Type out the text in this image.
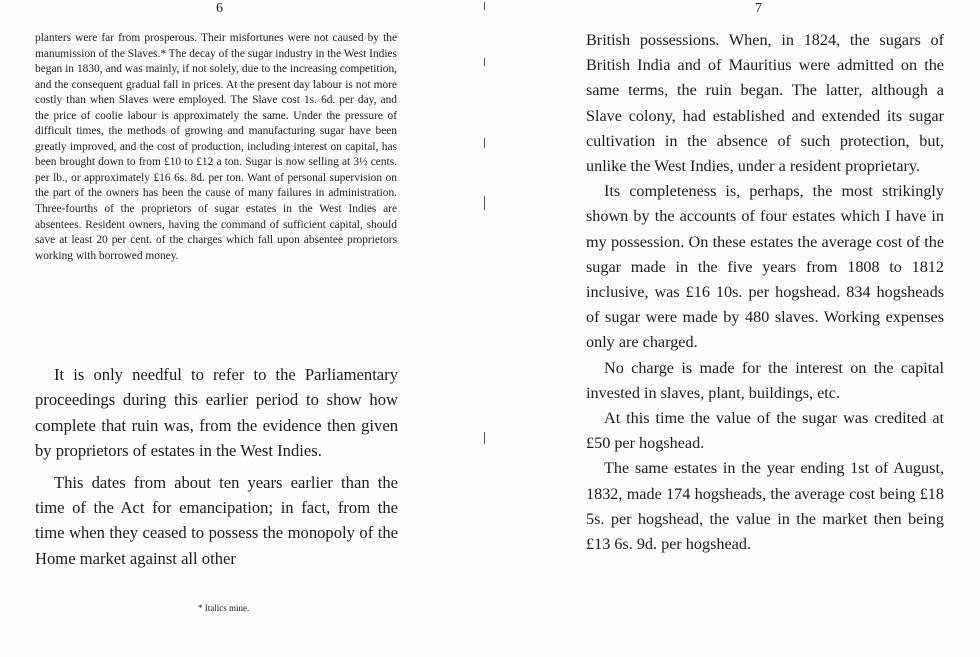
6

planters were far from prosperous. Their misfortunes were not caused by the manumission of the Slaves.* The decay of the sugar industry in the West Indies began in 1830, and was mainly, if not solely, due to the increasing competition, and the consequent gradual fall in prices. At the present day labour is not more costly than when Slaves were employed. The Slave cost 1s. 6d. per day, and the price of coolie labour is approximately the same. Under the pressure of difficult times, the methods of growing and manufacturing sugar have been greatly improved, and the cost of production, including interest on capital, has been brought down to from £10 to £12 a ton. Sugar is now selling at 3½ cents. per lb., or approximately £16 6s. 8d. per ton. Want of personal supervision on the part of the owners has been the cause of many failures in administration. Three-fourths of the proprietors of sugar estates in the West Indies are absentees. Resident owners, having the command of sufficient capital, should save at least 20 per cent. of the charges which fall upon absentee proprietors working with borrowed money.

It is only needful to refer to the Parliamentary proceedings during this earlier period to show how complete that ruin was, from the evidence then given by proprietors of estates in the West Indies.

This dates from about ten years earlier than the time of the Act for emancipation; in fact, from the time when they ceased to possess the monopoly of the Home market against all other

* Italics mine.
7

British possessions. When, in 1824, the sugars of British India and of Mauritius were admitted on the same terms, the ruin began. The latter, although a Slave colony, had established and extended its sugar cultivation in the absence of such protection, but, unlike the West Indies, under a resident proprietary.

Its completeness is, perhaps, the most strikingly shown by the accounts of four estates which I have in my possession. On these estates the average cost of the sugar made in the five years from 1808 to 1812 inclusive, was £16 10s. per hogshead. 834 hogsheads of sugar were made by 480 slaves. Working expenses only are charged.

No charge is made for the interest on the capital invested in slaves, plant, buildings, etc.

At this time the value of the sugar was credited at £50 per hogshead.

The same estates in the year ending 1st of August, 1832, made 174 hogsheads, the average cost being £18 5s. per hogshead, the value in the market then being £13 6s. 9d. per hogshead.
